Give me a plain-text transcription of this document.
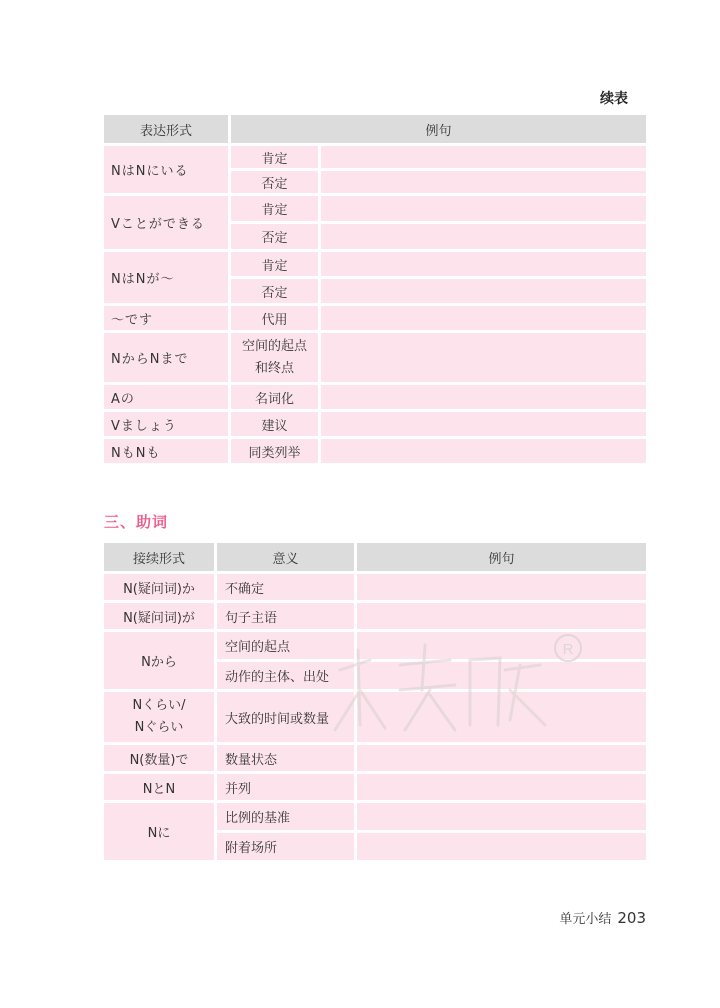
续表
表达形式	例句	
NはNにいる	肯定	
	否定	
Vことができる	肯定	
	否定	
NはNが～	肯定	
	否定	
～です	代用	
NからNまで	空间的起点
和终点	
Aの	名词化	
Vましょう	建议	
NもNも	同类列举	
三、助词
接续形式	意义	例句
N(疑问词)か	不确定	
N(疑问词)が	句子主语	
Nから	空间的起点	
	动作的主体、出处	
Nくらい/
Nぐらい	大致的时间或数量	
N(数量)で	数量状态	
NとN	并列	
Nに	比例的基准	
	附着场所	
R
单元小结 203
